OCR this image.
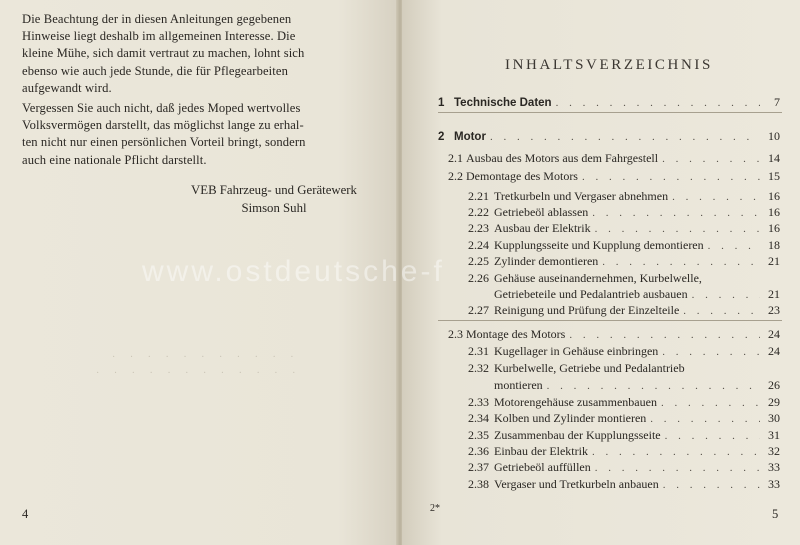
Die Beachtung der in diesen Anleitungen gegebenen
Hinweise liegt deshalb im allgemeinen Interesse. Die
kleine Mühe, sich damit vertraut zu machen, lohnt sich
ebenso wie auch jede Stunde, die für Pflegearbeiten
aufgewandt wird.
Vergessen Sie auch nicht, daß jedes Moped wertvolles
Volksvermögen darstellt, das möglichst lange zu erhal-
ten nicht nur einen persönlichen Vorteil bringt, sondern
auch eine nationale Pflicht darstellt.
VEB Fahrzeug- und Gerätewerk
Simson Suhl
· · · · · · · · · · ·
· · · · · · · · · · · ·
4
INHALTSVERZEICHNIS
1 Technische Daten . . .	7
2 Motor . . .	10
2.1 Ausbau des Motors aus dem Fahrgestell . . .	14
2.2 Demontage des Motors . . .	15
2.21 Tretkurbeln und Vergaser abnehmen . . .	16
2.22 Getriebeöl ablassen . . .	16
2.23 Ausbau der Elektrik . . .	16
2.24 Kupplungsseite und Kupplung demontieren . . .	18
2.25 Zylinder demontieren . . .	21
2.26 Gehäuse auseinandernehmen, Kurbelwelle,
Getriebeteile und Pedalantrieb ausbauen . . .	21
2.27 Reinigung und Prüfung der Einzelteile . . .	23
2.3 Montage des Motors . . .	24
2.31 Kugellager in Gehäuse einbringen . . .	24
2.32 Kurbelwelle, Getriebe und Pedalantrieb
montieren . . .	26
2.33 Motorengehäuse zusammenbauen . . .	29
2.34 Kolben und Zylinder montieren . . .	30
2.35 Zusammenbau der Kupplungsseite . . .	31
2.36 Einbau der Elektrik . . .	32
2.37 Getriebeöl auffüllen . . .	33
2.38 Vergaser und Tretkurbeln anbauen . . .	33
2*	5
www.ostdeutsche-f
